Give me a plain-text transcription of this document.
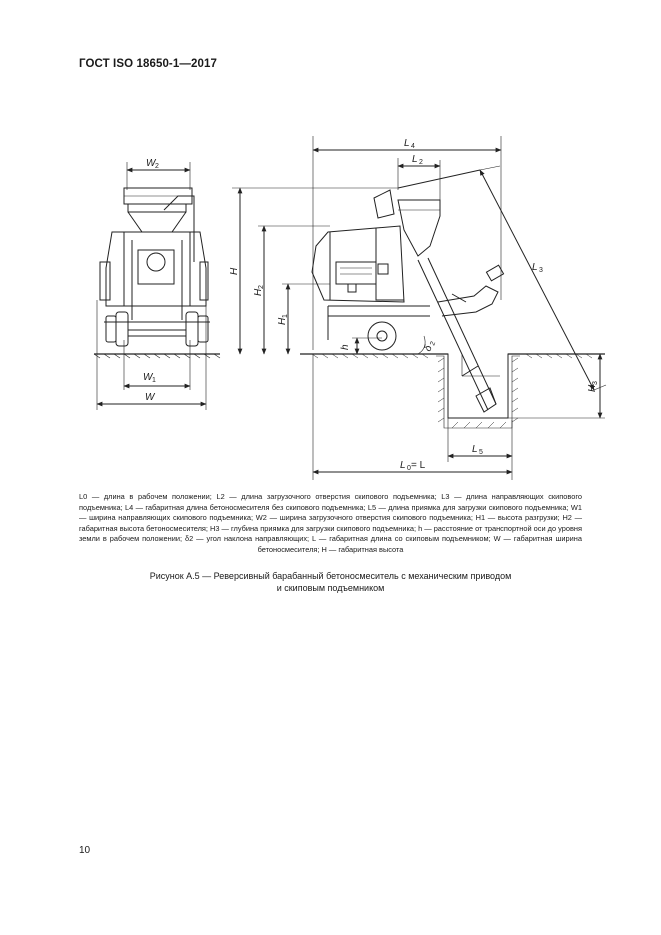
ГОСТ ISO 18650-1—2017
W 2
W 1
W
L 4
L 2
L 3
L 5
L 0 = L
H
H
2
H
1
H
3
h	δ
2
L0 — длина в рабочем положении; L2 — длина загрузочного отверстия скипового подъемника; L3 — длина направляющих скипового подъемника; L4 — габаритная длина бетоносмесителя без скипового подъемника; L5 — длина приямка для загрузки скипового подъемника; W1 — ширина направляющих скипового подъемника; W2 — ширина загрузочного отверстия скипового подъемника; H1 — высота разгрузки; H2 — габаритная высота бетоносмесителя; H3 — глубина приямка для загрузки скипового подъемника; h — расстояние от транспортной оси до уровня земли в рабочем положении; δ2 — угол наклона направляющих; L — габаритная длина со скиповым подъемником; W — габаритная ширина бетоносмесителя; H — габаритная высота
Рисунок А.5 — Реверсивный барабанный бетоносмеситель с механическим приводом
и скиповым подъемником
10
